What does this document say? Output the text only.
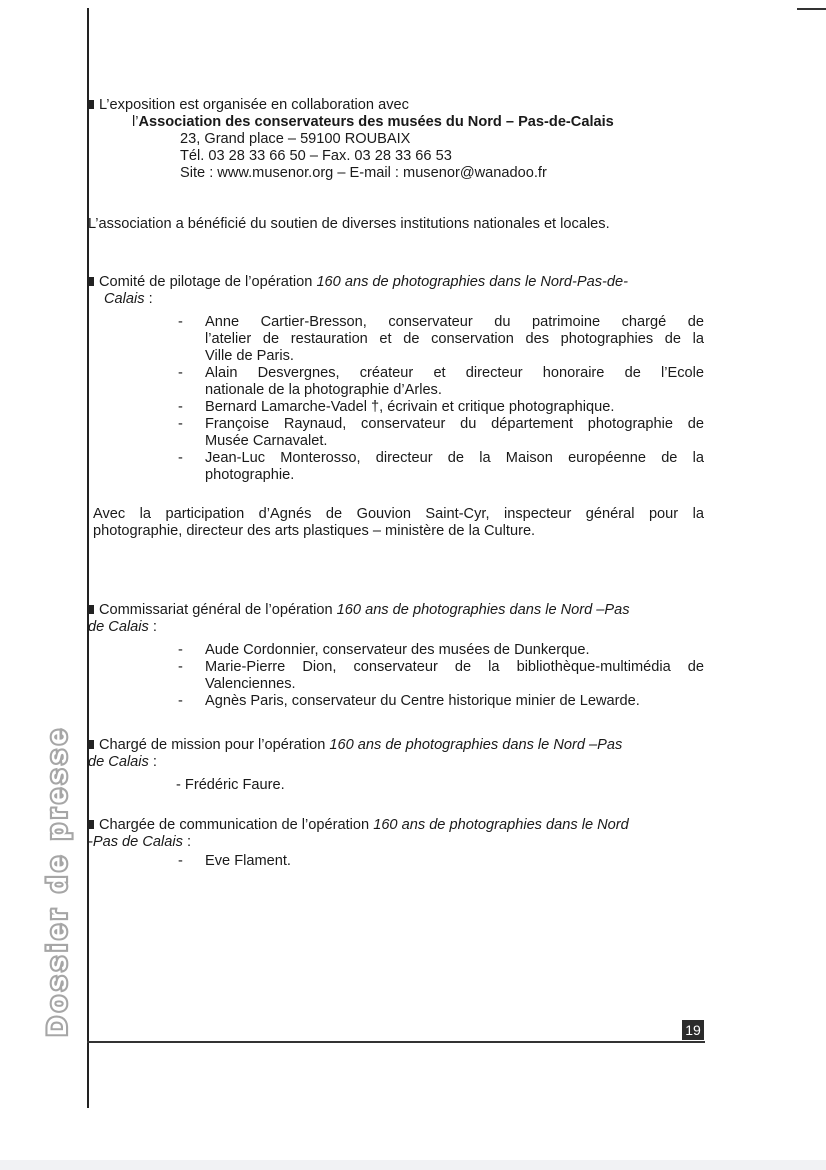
L’exposition est organisée en collaboration avec
l’Association des conservateurs des musées du Nord – Pas-de-Calais
23, Grand place – 59100 ROUBAIX
Tél. 03 28 33 66 50 – Fax. 03 28 33 66 53
Site : www.musenor.org – E-mail : musenor@wanadoo.fr
L’association a bénéficié du soutien de diverses institutions nationales et locales.
Comité de pilotage de l’opération 160 ans de photographies dans le Nord-Pas-de-
Calais :
- Anne Cartier-Bresson, conservateur du patrimoine chargé de
l’atelier de restauration et de conservation des photographies de la
Ville de Paris.
- Alain Desvergnes, créateur et directeur honoraire de l’Ecole
nationale de la photographie d’Arles.
- Bernard Lamarche-Vadel †, écrivain et critique photographique.
- Françoise Raynaud, conservateur du département photographie de
Musée Carnavalet.
- Jean-Luc Monterosso, directeur de la Maison européenne de la
photographie.
Avec la participation d’Agnés de Gouvion Saint-Cyr, inspecteur général pour la
photographie, directeur des arts plastiques – ministère de la Culture.
Commissariat général de l’opération 160 ans de photographies dans le Nord –Pas
de Calais :
- Aude Cordonnier, conservateur des musées de Dunkerque.
- Marie-Pierre Dion, conservateur de la bibliothèque-multimédia de
Valenciennes.
- Agnès Paris, conservateur du Centre historique minier de Lewarde.
Chargé de mission pour l’opération 160 ans de photographies dans le Nord –Pas
de Calais :
- Frédéric Faure.
Chargée de communication de l’opération 160 ans de photographies dans le Nord
-Pas de Calais :
- Eve Flament.
Dossier de presse	19
